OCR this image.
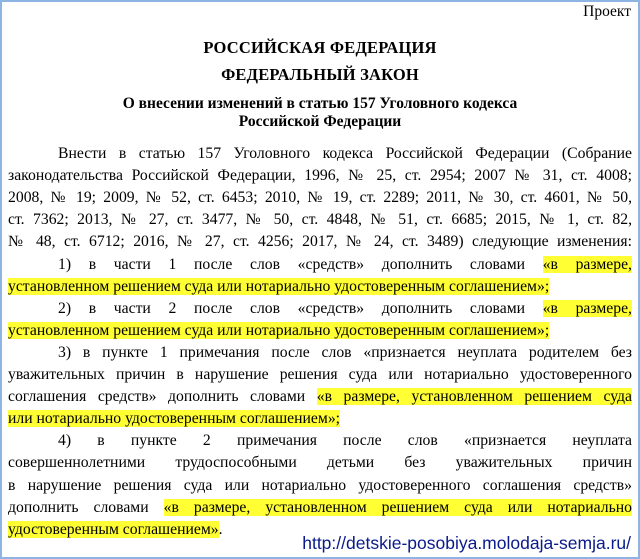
Проект
РОССИЙСКАЯ ФЕДЕРАЦИЯ
ФЕДЕРАЛЬНЫЙ ЗАКОН
О внесении изменений в статью 157 Уголовного кодекса
Российской Федерации
Внести в статью 157 Уголовного кодекса Российской Федерации (Собрание
законодательства Российской Федерации, 1996, № 25, ст. 2954; 2007 № 31, ст. 4008;
2008, № 19; 2009, № 52, ст. 6453; 2010, № 19, ст. 2289; 2011, № 30, ст. 4601, № 50,
ст. 7362; 2013, № 27, ст. 3477, № 50, ст. 4848, № 51, ст. 6685; 2015, № 1, ст. 82,
№ 48, ст. 6712; 2016, № 27, ст. 4256; 2017, № 24, ст. 3489) следующие изменения:
1) в части 1 после слов «средств» дополнить словами «в размере,
установленном решением суда или нотариально удостоверенным соглашением»;
2) в части 2 после слов «средств» дополнить словами «в размере,
установленном решением суда или нотариально удостоверенным соглашением»;
3) в пункте 1 примечания после слов «признается неуплата родителем без
уважительных причин в нарушение решения суда или нотариально удостоверенного
соглашения средств» дополнить словами «в размере, установленном решением суда
или нотариально удостоверенным соглашением»;
4) в пункте 2 примечания после слов «признается неуплата
совершеннолетними трудоспособными детьми без уважительных причин
в нарушение решения суда или нотариально удостоверенного соглашения средств»
дополнить словами «в размере, установленном решением суда или нотариально
удостоверенным соглашением».
http://detskie-posobiya.molodaja-semja.ru/
